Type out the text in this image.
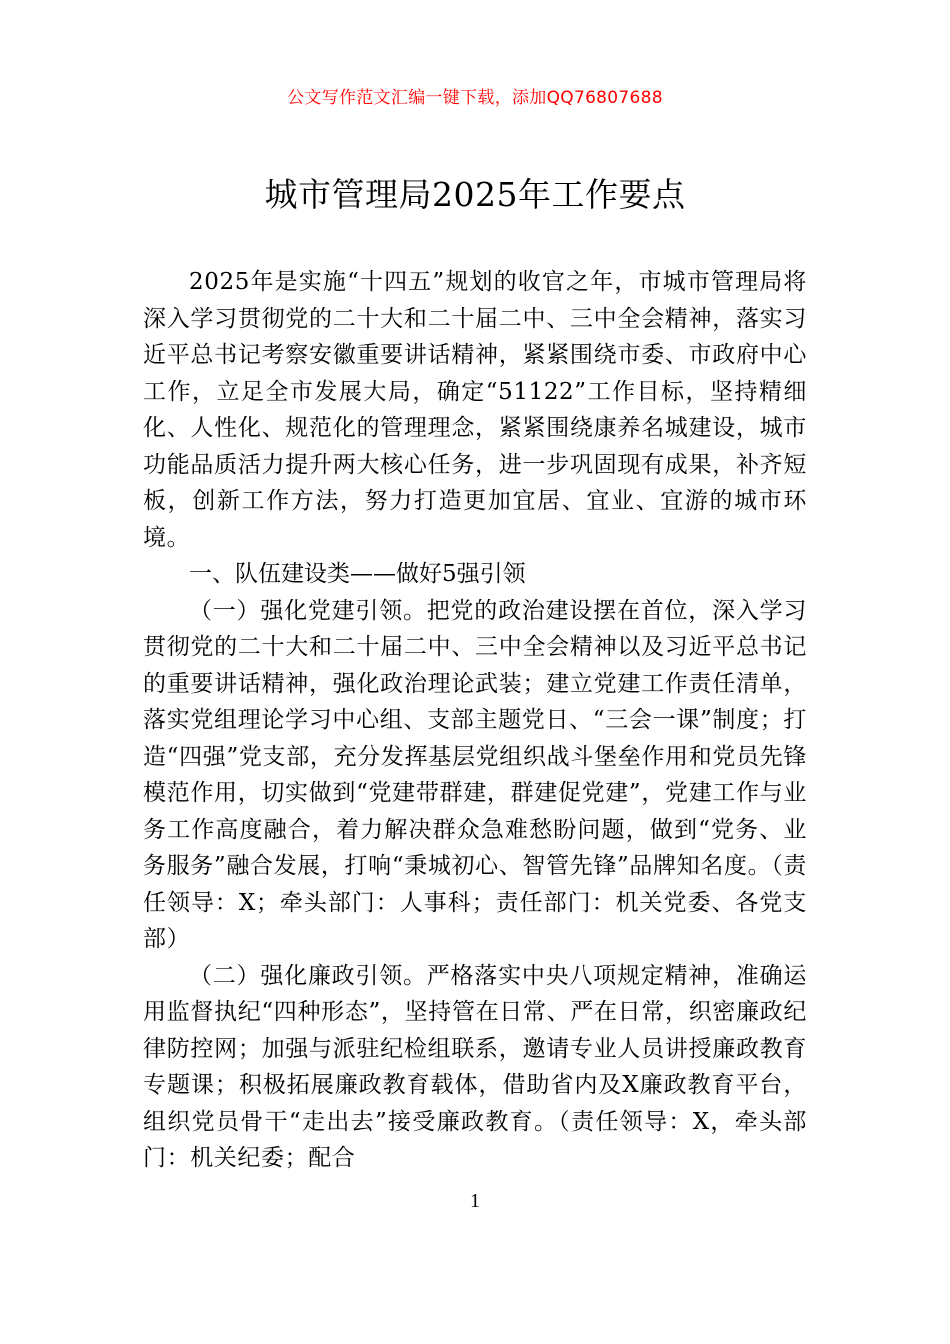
公文写作范文汇编一键下载，添加QQ76807688
城市管理局2025年工作要点

2025年是实施“十四五”规划的收官之年，市城市管理局将深入学习贯彻党的二十大和二十届二中、三中全会精神，落实习近平总书记考察安徽重要讲话精神，紧紧围绕市委、市政府中心工作，立足全市发展大局，确定“51122”工作目标，坚持精细化、人性化、规范化的管理理念，紧紧围绕康养名城建设，城市功能品质活力提升两大核心任务，进一步巩固现有成果，补齐短板，创新工作方法，努力打造更加宜居、宜业、宜游的城市环境。

一、队伍建设类——做好5强引领

（一）强化党建引领。把党的政治建设摆在首位，深入学习贯彻党的二十大和二十届二中、三中全会精神以及习近平总书记的重要讲话精神，强化政治理论武装；建立党建工作责任清单，落实党组理论学习中心组、支部主题党日、“三会一课”制度；打造“四强”党支部，充分发挥基层党组织战斗堡垒作用和党员先锋模范作用，切实做到“党建带群建，群建促党建”，党建工作与业务工作高度融合，着力解决群众急难愁盼问题，做到“党务、业务服务”融合发展，打响“秉城初心、智管先锋”品牌知名度。（责任领导：X；牵头部门：人事科；责任部门：机关党委、各党支部）

（二）强化廉政引领。严格落实中央八项规定精神，准确运用监督执纪“四种形态”，坚持管在日常、严在日常，织密廉政纪律防控网；加强与派驻纪检组联系，邀请专业人员讲授廉政教育专题课；积极拓展廉政教育载体，借助省内及X廉政教育平台，组织党员骨干“走出去”接受廉政教育。（责任领导：X，牵头部门：机关纪委；配合

1
